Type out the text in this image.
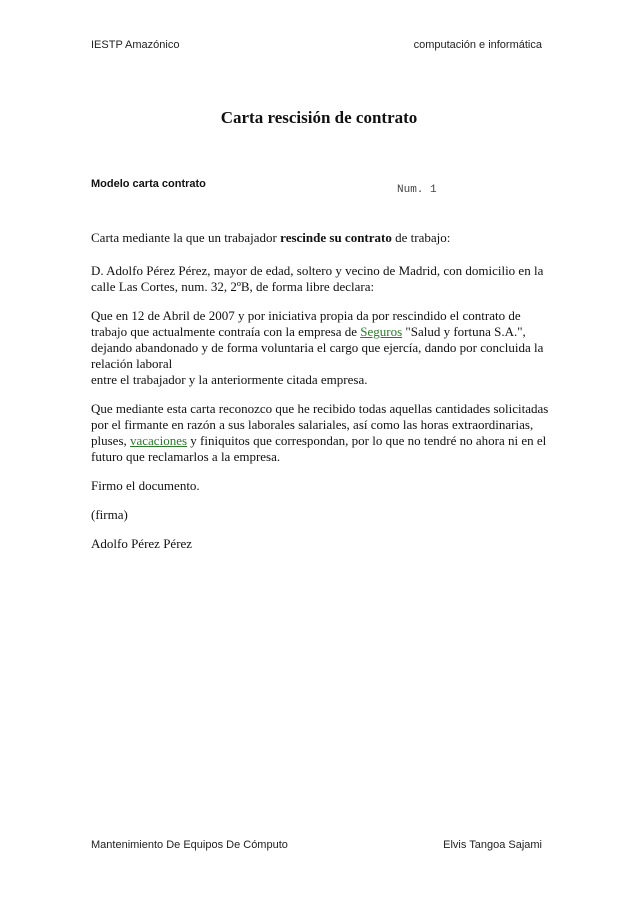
IESTP Amazónico	computación e informática
Carta rescisión de contrato
Modelo carta contrato	Num. 1

Carta mediante la que un trabajador rescinde su contrato de trabajo:

D. Adolfo Pérez Pérez, mayor de edad, soltero y vecino de Madrid, con domicilio en la calle Las Cortes, num. 32, 2ºB, de forma libre declara:

Que en 12 de Abril de 2007 y por iniciativa propia da por rescindido el contrato de trabajo que actualmente contraía con la empresa de Seguros "Salud y fortuna S.A.", dejando abandonado y de forma voluntaria el cargo que ejercía, dando por concluida la relación laboral
entre el trabajador y la anteriormente citada empresa.

Que mediante esta carta reconozco que he recibido todas aquellas cantidades solicitadas por el firmante en razón a sus laborales salariales, así como las horas extraordinarias, pluses, vacaciones y finiquitos que correspondan, por lo que no tendré no ahora ni en el futuro que reclamarlos a la empresa.

Firmo el documento.

(firma)

Adolfo Pérez Pérez

Mantenimiento De Equipos De Cómputo	Elvis Tangoa Sajami
